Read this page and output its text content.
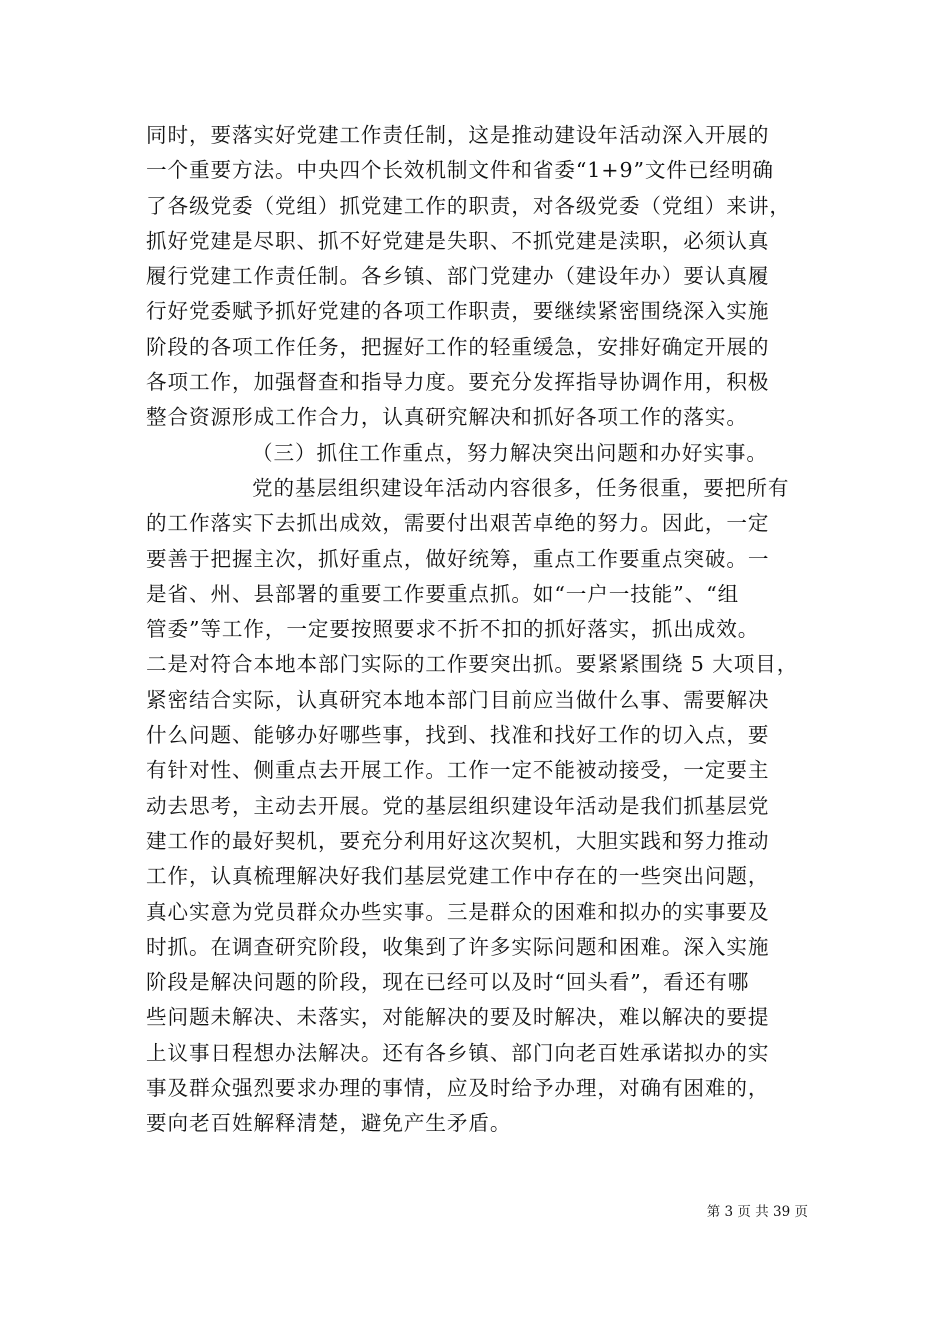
同时，要落实好党建工作责任制，这是推动建设年活动深入开展的
一个重要方法。中央四个长效机制文件和省委“1+9”文件已经明确
了各级党委（党组）抓党建工作的职责，对各级党委（党组）来讲，
抓好党建是尽职、抓不好党建是失职、不抓党建是渎职，必须认真
履行党建工作责任制。各乡镇、部门党建办（建设年办）要认真履
行好党委赋予抓好党建的各项工作职责，要继续紧密围绕深入实施
阶段的各项工作任务，把握好工作的轻重缓急，安排好确定开展的
各项工作，加强督查和指导力度。要充分发挥指导协调作用，积极
整合资源形成工作合力，认真研究解决和抓好各项工作的落实。
（三）抓住工作重点，努力解决突出问题和办好实事。
党的基层组织建设年活动内容很多，任务很重，要把所有
的工作落实下去抓出成效，需要付出艰苦卓绝的努力。因此，一定
要善于把握主次，抓好重点，做好统筹，重点工作要重点突破。一
是省、州、县部署的重要工作要重点抓。如“一户一技能”、“组
管委”等工作，一定要按照要求不折不扣的抓好落实，抓出成效。
二是对符合本地本部门实际的工作要突出抓。要紧紧围绕 5 大项目，
紧密结合实际，认真研究本地本部门目前应当做什么事、需要解决
什么问题、能够办好哪些事，找到、找准和找好工作的切入点，要
有针对性、侧重点去开展工作。工作一定不能被动接受，一定要主
动去思考，主动去开展。党的基层组织建设年活动是我们抓基层党
建工作的最好契机，要充分利用好这次契机，大胆实践和努力推动
工作，认真梳理解决好我们基层党建工作中存在的一些突出问题，
真心实意为党员群众办些实事。三是群众的困难和拟办的实事要及
时抓。在调查研究阶段，收集到了许多实际问题和困难。深入实施
阶段是解决问题的阶段，现在已经可以及时“回头看”，看还有哪
些问题未解决、未落实，对能解决的要及时解决，难以解决的要提
上议事日程想办法解决。还有各乡镇、部门向老百姓承诺拟办的实
事及群众强烈要求办理的事情，应及时给予办理，对确有困难的，
要向老百姓解释清楚，避免产生矛盾。
第 3 页 共 39 页
